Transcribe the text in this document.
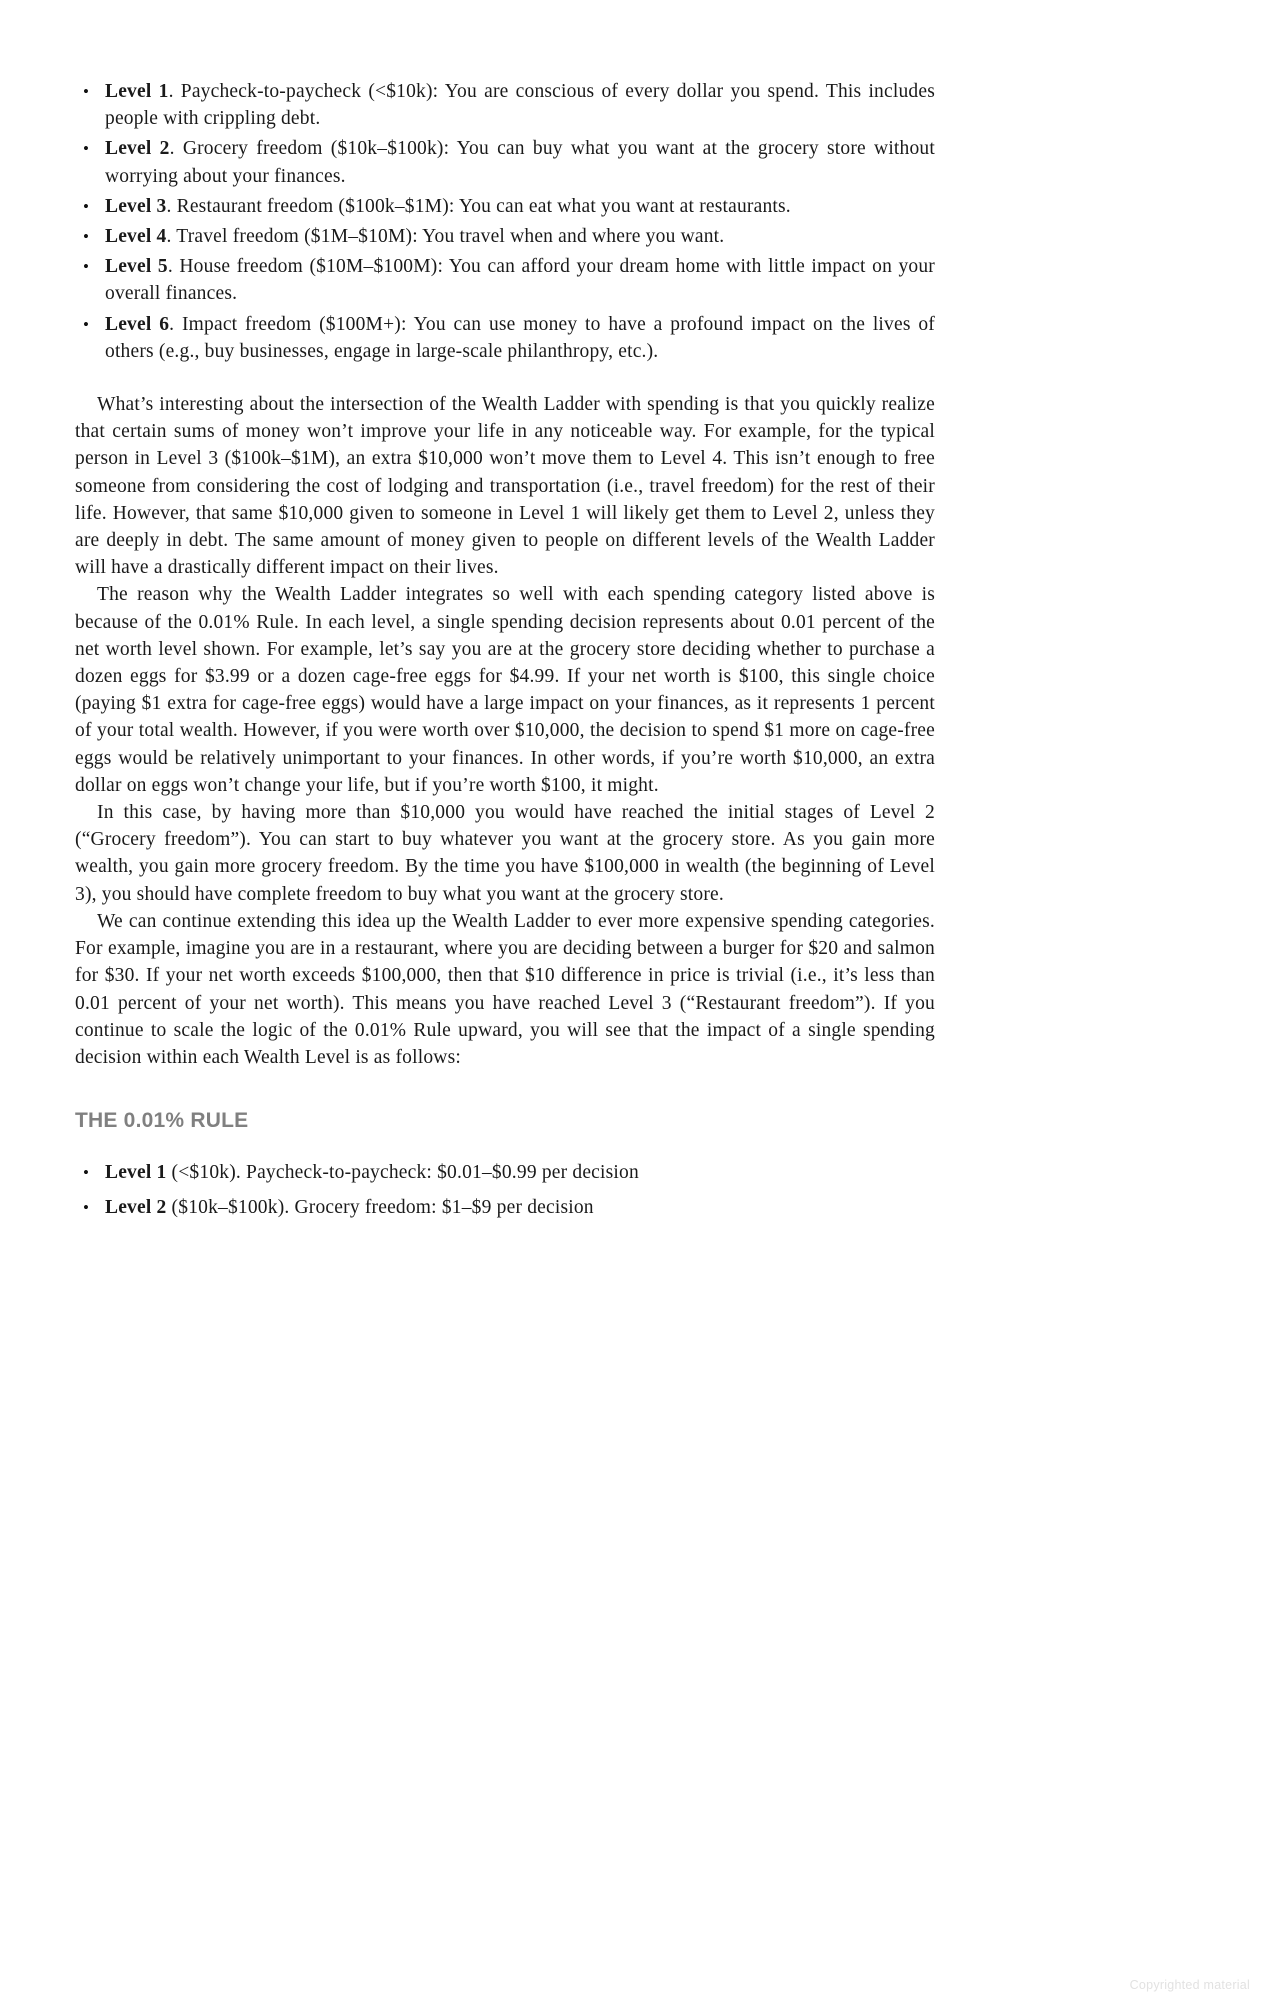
• Level 1. Paycheck-to-paycheck (<$10k): You are conscious of every dollar you spend. This includes people with crippling debt.
• Level 2. Grocery freedom ($10k–$100k): You can buy what you want at the grocery store without worrying about your finances.
• Level 3. Restaurant freedom ($100k–$1M): You can eat what you want at restaurants.
• Level 4. Travel freedom ($1M–$10M): You travel when and where you want.
• Level 5. House freedom ($10M–$100M): You can afford your dream home with little impact on your overall finances.
• Level 6. Impact freedom ($100M+): You can use money to have a profound impact on the lives of others (e.g., buy businesses, engage in large-scale philanthropy, etc.).

What’s interesting about the intersection of the Wealth Ladder with spending is that you quickly realize that certain sums of money won’t improve your life in any noticeable way. For example, for the typical person in Level 3 ($100k–$1M), an extra $10,000 won’t move them to Level 4. This isn’t enough to free someone from considering the cost of lodging and transportation (i.e., travel freedom) for the rest of their life. However, that same $10,000 given to someone in Level 1 will likely get them to Level 2, unless they are deeply in debt. The same amount of money given to people on different levels of the Wealth Ladder will have a drastically different impact on their lives.

The reason why the Wealth Ladder integrates so well with each spending category listed above is because of the 0.01% Rule. In each level, a single spending decision represents about 0.01 percent of the net worth level shown. For example, let’s say you are at the grocery store deciding whether to purchase a dozen eggs for $3.99 or a dozen cage-free eggs for $4.99. If your net worth is $100, this single choice (paying $1 extra for cage-free eggs) would have a large impact on your finances, as it represents 1 percent of your total wealth. However, if you were worth over $10,000, the decision to spend $1 more on cage-free eggs would be relatively unimportant to your finances. In other words, if you’re worth $10,000, an extra dollar on eggs won’t change your life, but if you’re worth $100, it might.

In this case, by having more than $10,000 you would have reached the initial stages of Level 2 (“Grocery freedom”). You can start to buy whatever you want at the grocery store. As you gain more wealth, you gain more grocery freedom. By the time you have $100,000 in wealth (the beginning of Level 3), you should have complete freedom to buy what you want at the grocery store.

We can continue extending this idea up the Wealth Ladder to ever more expensive spending categories. For example, imagine you are in a restaurant, where you are deciding between a burger for $20 and salmon for $30. If your net worth exceeds $100,000, then that $10 difference in price is trivial (i.e., it’s less than 0.01 percent of your net worth). This means you have reached Level 3 (“Restaurant freedom”). If you continue to scale the logic of the 0.01% Rule upward, you will see that the impact of a single spending decision within each Wealth Level is as follows:

THE 0.01% RULE
• Level 1 (<$10k). Paycheck-to-paycheck: $0.01–$0.99 per decision
• Level 2 ($10k–$100k). Grocery freedom: $1–$9 per decision
Copyrighted material
